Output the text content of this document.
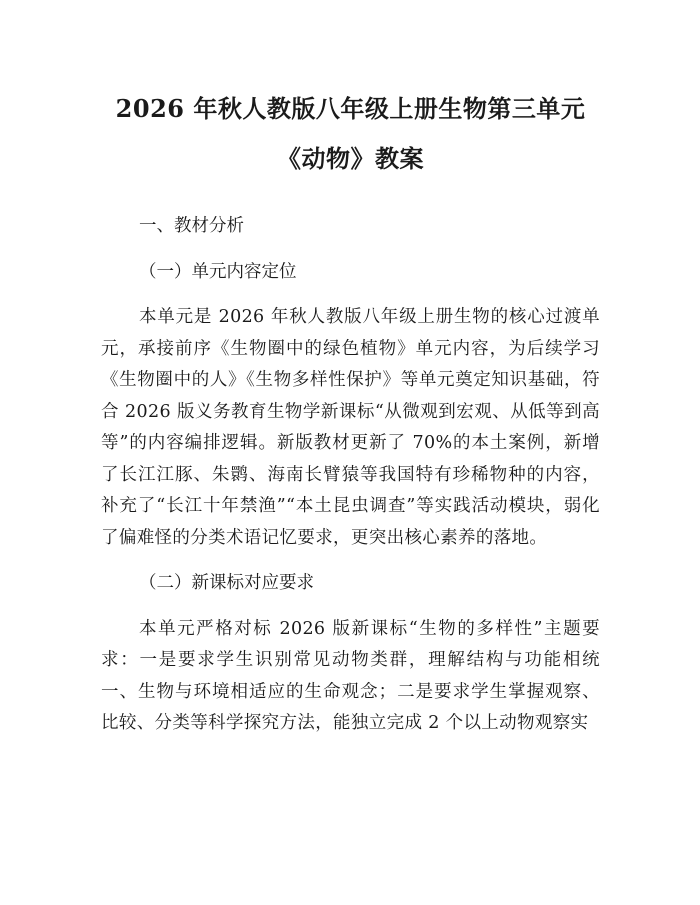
2026 年秋人教版八年级上册生物第三单元
《动物》教案

一、教材分析

（一）单元内容定位

本单元是 2026 年秋人教版八年级上册生物的核心过渡单元，承接前序《生物圈中的绿色植物》单元内容，为后续学习《生物圈中的人》《生物多样性保护》等单元奠定知识基础，符合 2026 版义务教育生物学新课标“从微观到宏观、从低等到高等”的内容编排逻辑。新版教材更新了 70%的本土案例，新增了长江江豚、朱鹮、海南长臂猿等我国特有珍稀物种的内容，补充了“长江十年禁渔”“本土昆虫调查”等实践活动模块，弱化了偏难怪的分类术语记忆要求，更突出核心素养的落地。

（二）新课标对应要求

本单元严格对标 2026 版新课标“生物的多样性”主题要求：一是要求学生识别常见动物类群，理解结构与功能相统一、生物与环境相适应的生命观念；二是要求学生掌握观察、比较、分类等科学探究方法，能独立完成 2 个以上动物观察实
